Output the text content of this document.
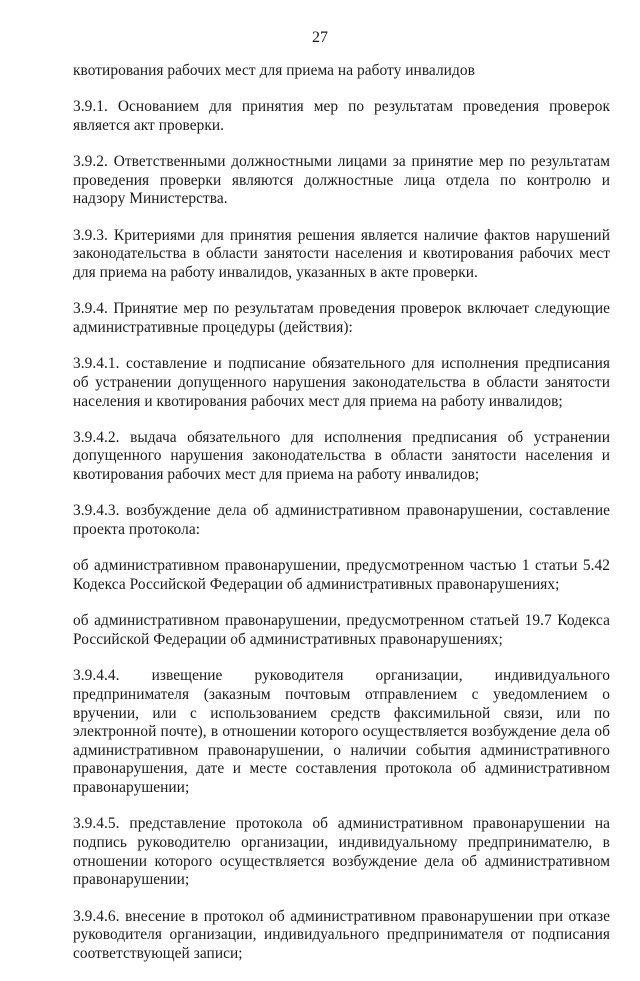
27

квотирования рабочих мест для приема на работу инвалидов

3.9.1. Основанием для принятия мер по результатам проведения проверок является акт проверки.

3.9.2. Ответственными должностными лицами за принятие мер по результатам проведения проверки являются должностные лица отдела по контролю и надзору Министерства.

3.9.3. Критериями для принятия решения является наличие фактов нарушений законодательства в области занятости населения и квотирования рабочих мест для приема на работу инвалидов, указанных в акте проверки.

3.9.4. Принятие мер по результатам проведения проверок включает следующие административные процедуры (действия):

3.9.4.1. составление и подписание обязательного для исполнения предписания об устранении допущенного нарушения законодательства в области занятости населения и квотирования рабочих мест для приема на работу инвалидов;

3.9.4.2. выдача обязательного для исполнения предписания об устранении допущенного нарушения законодательства в области занятости населения и квотирования рабочих мест для приема на работу инвалидов;

3.9.4.3. возбуждение дела об административном правонарушении, составление проекта протокола:

об административном правонарушении, предусмотренном частью 1 статьи 5.42 Кодекса Российской Федерации об административных правонарушениях;

об административном правонарушении, предусмотренном статьей 19.7 Кодекса Российской Федерации об административных правонарушениях;

3.9.4.4. извещение руководителя организации, индивидуального предпринимателя (заказным почтовым отправлением с уведомлением о вручении, или с использованием средств факсимильной связи, или по электронной почте), в отношении которого осуществляется возбуждение дела об административном правонарушении, о наличии события административного правонарушения, дате и месте составления протокола об административном правонарушении;

3.9.4.5. представление протокола об административном правонарушении на подпись руководителю организации, индивидуальному предпринимателю, в отношении которого осуществляется возбуждение дела об административном правонарушении;

3.9.4.6. внесение в протокол об административном правонарушении при отказе руководителя организации, индивидуального предпринимателя от подписания соответствующей записи;
